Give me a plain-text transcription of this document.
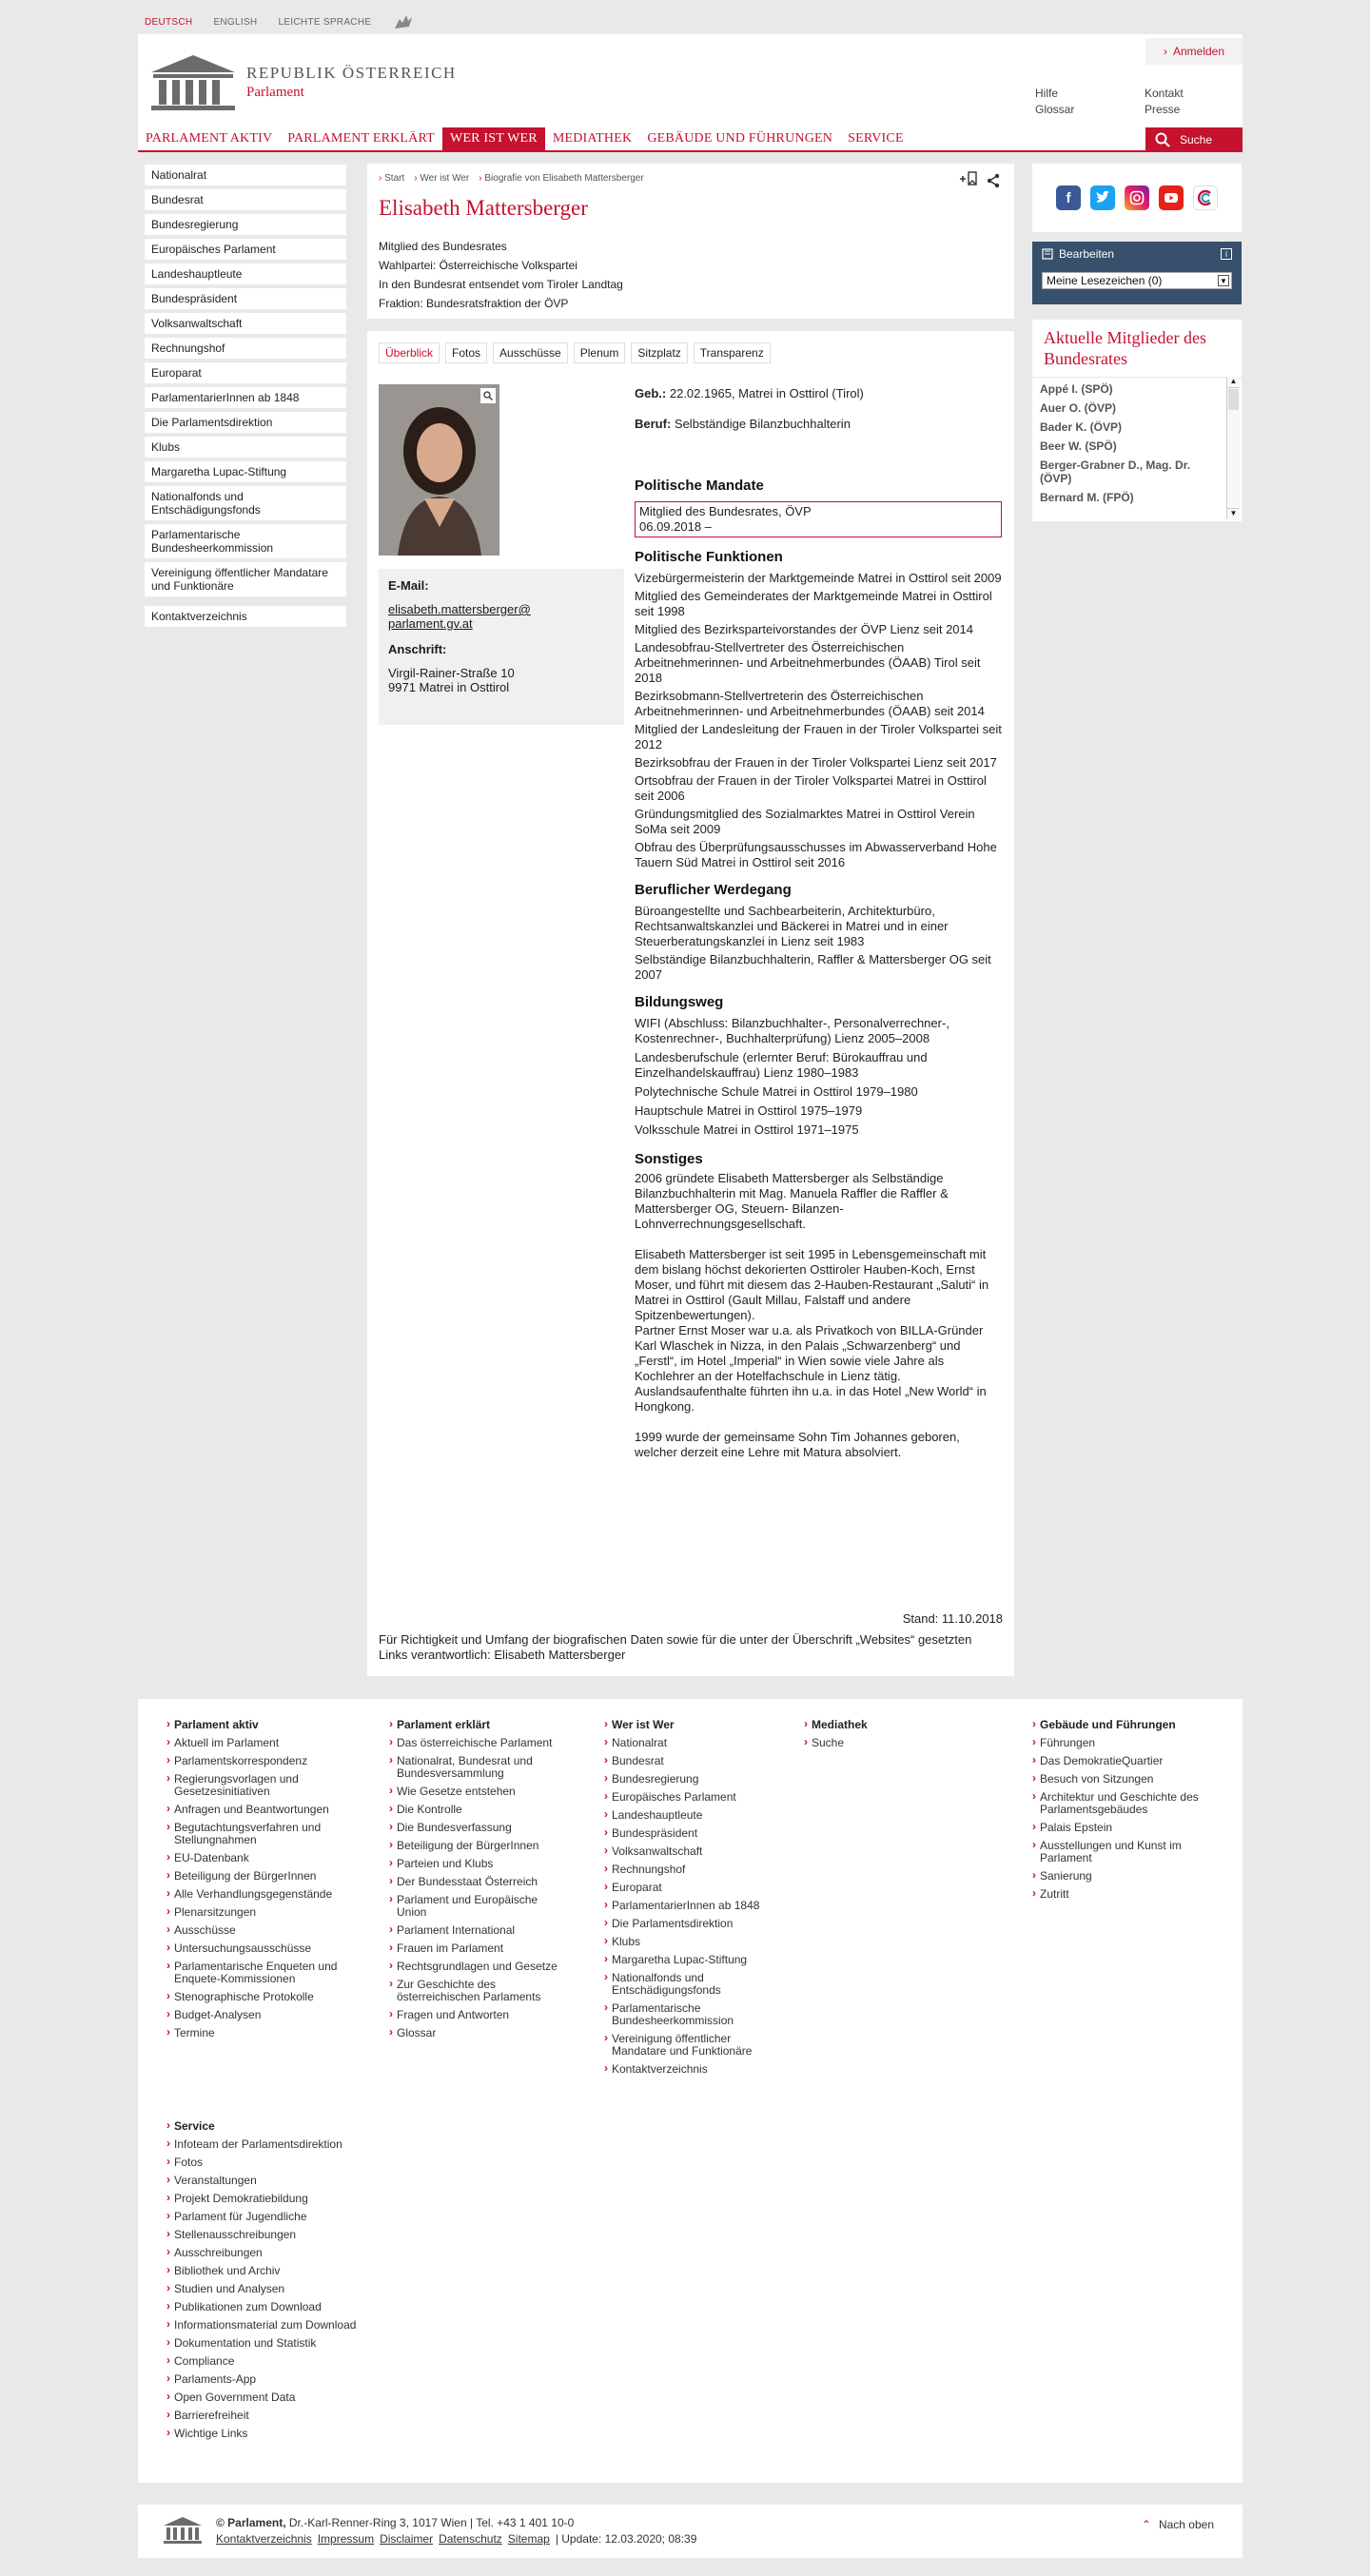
DEUTSCH ENGLISH LEICHTE SPRACHE
REPUBLIK ÖSTERREICH
Parlament
› Anmelden
Hilfe
Glossar
Kontakt
Presse
PARLAMENT AKTIV	PARLAMENT ERKLÄRT	WER IST WER	MEDIATHEK	GEBÄUDE UND FÜHRUNGEN	SERVICE	Suche
Nationalrat
Bundesrat
Bundesregierung
Europäisches Parlament
Landeshauptleute
Bundespräsident
Volksanwaltschaft
Rechnungshof
Europarat
ParlamentarierInnen ab 1848
Die Parlamentsdirektion
Klubs
Margaretha Lupac-Stiftung
Nationalfonds und Entschädigungsfonds
Parlamentarische Bundesheerkommission
Vereinigung öffentlicher Mandatare und Funktionäre
Kontaktverzeichnis
› Start › Wer ist Wer › Biografie von Elisabeth Mattersberger
Elisabeth Mattersberger
Mitglied des Bundesrates
Wahlpartei: Österreichische Volkspartei
In den Bundesrat entsendet vom Tiroler Landtag
Fraktion: Bundesratsfraktion der ÖVP
Überblick	Fotos	Ausschüsse	Plenum	Sitzplatz	Transparenz
E-Mail:
elisabeth.mattersberger@
parlament.gv.at
Anschrift:
Virgil-Rainer-Straße 10
9971 Matrei in Osttirol
Geb.: 22.02.1965, Matrei in Osttirol (Tirol)
Beruf: Selbständige Bilanzbuchhalterin
Politische Mandate
Mitglied des Bundesrates, ÖVP
06.09.2018 –
Politische Funktionen
Vizebürgermeisterin der Marktgemeinde Matrei in Osttirol seit 2009
Mitglied des Gemeinderates der Marktgemeinde Matrei in Osttirol seit 1998
Mitglied des Bezirksparteivorstandes der ÖVP Lienz seit 2014
Landesobfrau-Stellvertreter des Österreichischen Arbeitnehmerinnen- und Arbeitnehmerbundes (ÖAAB) Tirol seit 2018
Bezirksobmann-Stellvertreterin des Österreichischen Arbeitnehmerinnen- und Arbeitnehmerbundes (ÖAAB) seit 2014
Mitglied der Landesleitung der Frauen in der Tiroler Volkspartei seit 2012
Bezirksobfrau der Frauen in der Tiroler Volkspartei Lienz seit 2017
Ortsobfrau der Frauen in der Tiroler Volkspartei Matrei in Osttirol seit 2006
Gründungsmitglied des Sozialmarktes Matrei in Osttirol Verein SoMa seit 2009
Obfrau des Überprüfungsausschusses im Abwasserverband Hohe Tauern Süd Matrei in Osttirol seit 2016
Beruflicher Werdegang
Büroangestellte und Sachbearbeiterin, Architekturbüro, Rechtsanwaltskanzlei und Bäckerei in Matrei und in einer Steuerberatungskanzlei in Lienz seit 1983
Selbständige Bilanzbuchhalterin, Raffler & Mattersberger OG seit 2007
Bildungsweg
WIFI (Abschluss: Bilanzbuchhalter-, Personalverrechner-, Kostenrechner-, Buchhalterprüfung) Lienz 2005–2008
Landesberufschule (erlernter Beruf: Bürokauffrau und Einzelhandelskauffrau) Lienz 1980–1983
Polytechnische Schule Matrei in Osttirol 1979–1980
Hauptschule Matrei in Osttirol 1975–1979
Volksschule Matrei in Osttirol 1971–1975
Sonstiges
2006 gründete Elisabeth Mattersberger als Selbständige Bilanzbuchhalterin mit Mag. Manuela Raffler die Raffler & Mattersberger OG, Steuern- Bilanzen- Lohnverrechnungsgesellschaft.
Elisabeth Mattersberger ist seit 1995 in Lebensgemeinschaft mit dem bislang höchst dekorierten Osttiroler Hauben-Koch, Ernst Moser, und führt mit diesem das 2-Hauben-Restaurant „Saluti“ in Matrei in Osttirol (Gault Millau, Falstaff und andere Spitzenbewertungen).
Partner Ernst Moser war u.a. als Privatkoch von BILLA-Gründer Karl Wlaschek in Nizza, in den Palais „Schwarzenberg“ und „Ferstl“, im Hotel „Imperial“ in Wien sowie viele Jahre als Kochlehrer an der Hotelfachschule in Lienz tätig. Auslandsaufenthalte führten ihn u.a. in das Hotel „New World“ in Hongkong.
1999 wurde der gemeinsame Sohn Tim Johannes geboren, welcher derzeit eine Lehre mit Matura absolviert.
Stand: 11.10.2018
Für Richtigkeit und Umfang der biografischen Daten sowie für die unter der Überschrift „Websites“ gesetzten Links verantwortlich: Elisabeth Mattersberger
f
Bearbeiten	i
Meine Lesezeichen (0)	▼
Aktuelle Mitglieder des Bundesrates
Appé I. (SPÖ)
Auer O. (ÖVP)
Bader K. (ÖVP)
Beer W. (SPÖ)
Berger-Grabner D., Mag. Dr. (ÖVP)
Bernard M. (FPÖ)
▲
▼
› Parlament aktiv
› Aktuell im Parlament
› Parlamentskorrespondenz
› Regierungsvorlagen und Gesetzesinitiativen
› Anfragen und Beantwortungen
› Begutachtungsverfahren und Stellungnahmen
› EU-Datenbank
› Beteiligung der BürgerInnen
› Alle Verhandlungsgegenstände
› Plenarsitzungen
› Ausschüsse
› Untersuchungsausschüsse
› Parlamentarische Enqueten und Enquete-Kommissionen
› Stenographische Protokolle
› Budget-Analysen
› Termine
› Parlament erklärt
› Das österreichische Parlament
› Nationalrat, Bundesrat und Bundesversammlung
› Wie Gesetze entstehen
› Die Kontrolle
› Die Bundesverfassung
› Beteiligung der BürgerInnen
› Parteien und Klubs
› Der Bundesstaat Österreich
› Parlament und Europäische Union
› Parlament International
› Frauen im Parlament
› Rechtsgrundlagen und Gesetze
› Zur Geschichte des österreichischen Parlaments
› Fragen und Antworten
› Glossar
› Wer ist Wer
› Nationalrat
› Bundesrat
› Bundesregierung
› Europäisches Parlament
› Landeshauptleute
› Bundespräsident
› Volksanwaltschaft
› Rechnungshof
› Europarat
› ParlamentarierInnen ab 1848
› Die Parlamentsdirektion
› Klubs
› Margaretha Lupac-Stiftung
› Nationalfonds und Entschädigungsfonds
› Parlamentarische Bundesheerkommission
› Vereinigung öffentlicher Mandatare und Funktionäre
› Kontaktverzeichnis
› Mediathek
› Suche
› Gebäude und Führungen
› Führungen
› Das DemokratieQuartier
› Besuch von Sitzungen
› Architektur und Geschichte des Parlamentsgebäudes
› Palais Epstein
› Ausstellungen und Kunst im Parlament
› Sanierung
› Zutritt
› Service
› Infoteam der Parlamentsdirektion
› Fotos
› Veranstaltungen
› Projekt Demokratiebildung
› Parlament für Jugendliche
› Stellenausschreibungen
› Ausschreibungen
› Bibliothek und Archiv
› Studien und Analysen
› Publikationen zum Download
› Informationsmaterial zum Download
› Dokumentation und Statistik
› Compliance
› Parlaments-App
› Open Government Data
› Barrierefreiheit
› Wichtige Links
© Parlament, Dr.-Karl-Renner-Ring 3, 1017 Wien | Tel. +43 1 401 10-0
Kontaktverzeichnis Impressum Disclaimer Datenschutz Sitemap | Update: 12.03.2020; 08:39
⌃ Nach oben
